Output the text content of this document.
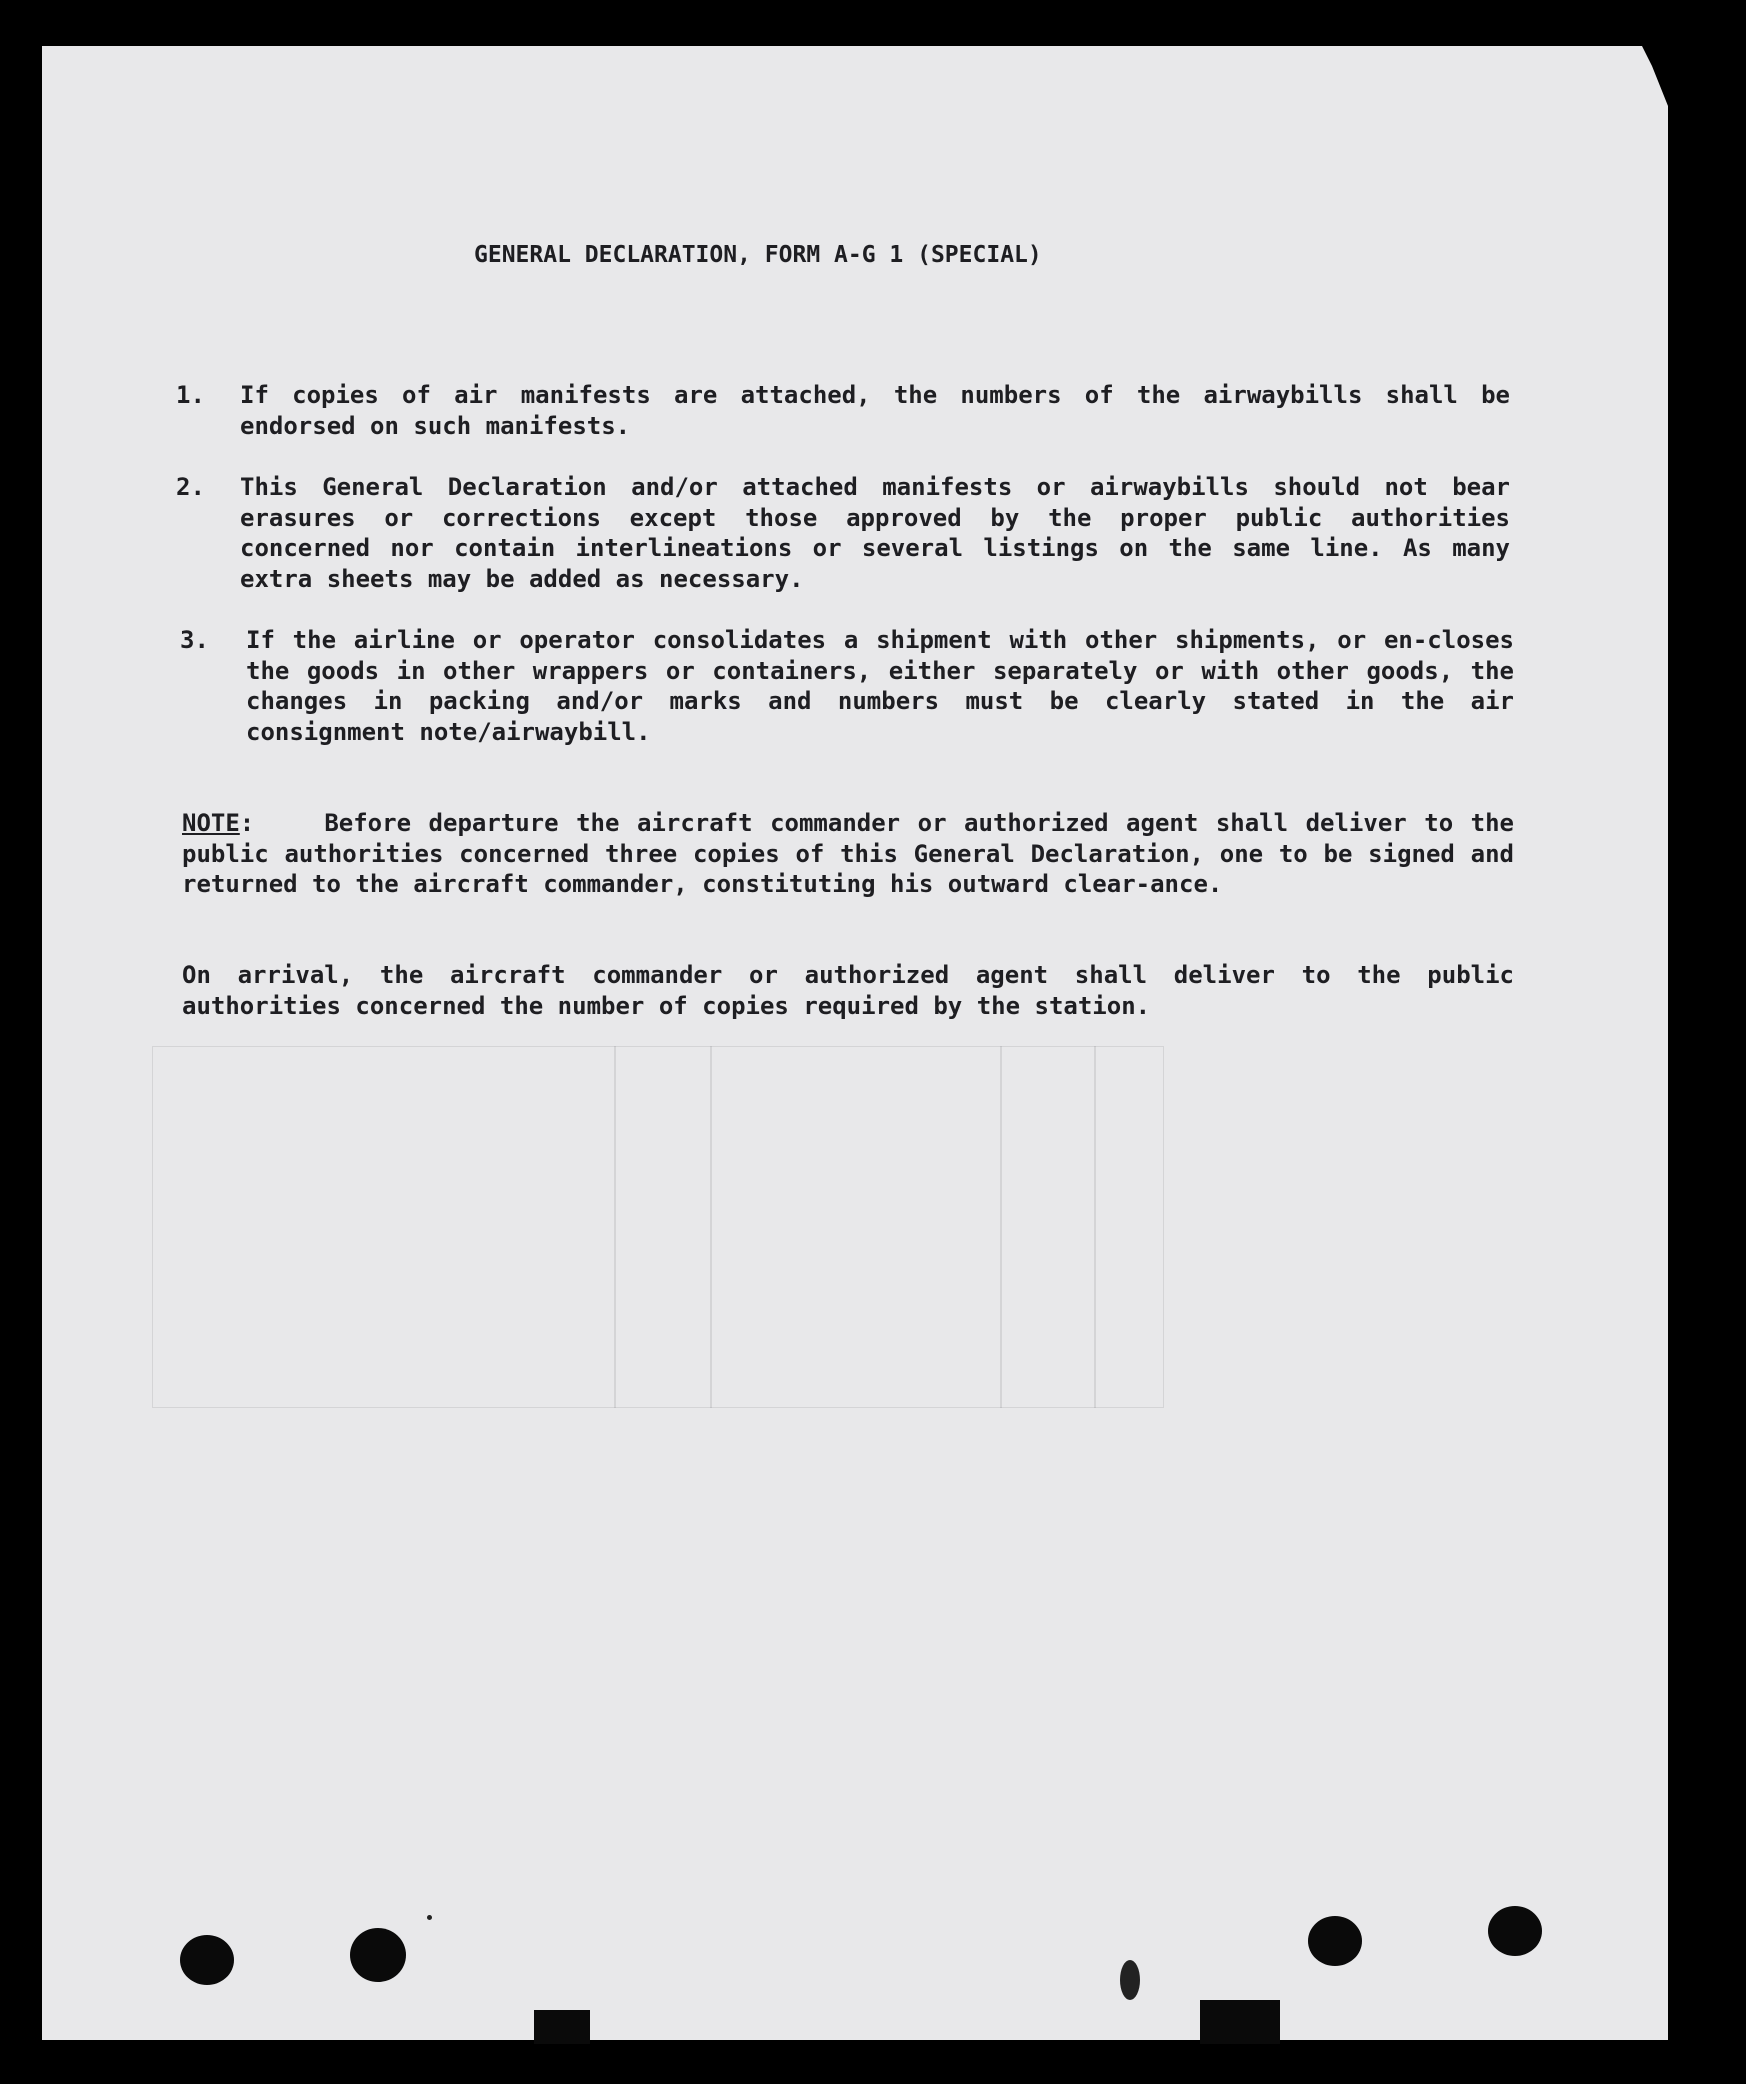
GENERAL DECLARATION, FORM A-G 1 (SPECIAL)
1. If copies of air manifests are attached, the numbers of the airwaybills shall be endorsed on such manifests.
2. This General Declaration and/or attached manifests or airwaybills should not bear erasures or corrections except those approved by the proper public authorities concerned nor contain interlineations or several listings on the same line. As many extra sheets may be added as necessary.
3. If the airline or operator consolidates a shipment with other shipments, or en-closes the goods in other wrappers or containers, either separately or with other goods, the changes in packing and/or marks and numbers must be clearly stated in the air consignment note/airwaybill.
NOTE:    Before departure the aircraft commander or authorized agent shall deliver to the public authorities concerned three copies of this General Declaration, one to be signed and returned to the aircraft commander, constituting his outward clear-ance.
On arrival, the aircraft commander or authorized agent shall deliver to the public authorities concerned the number of copies required by the station.
